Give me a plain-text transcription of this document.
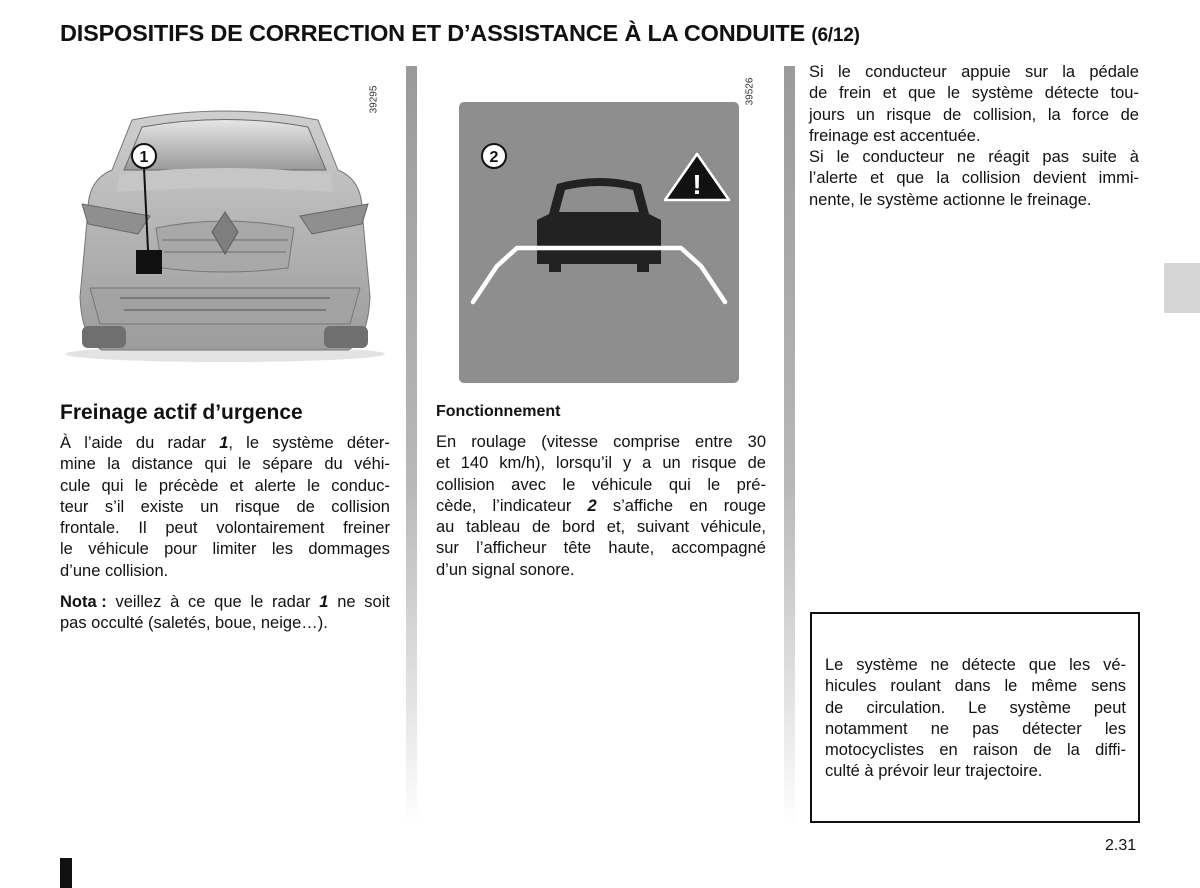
DISPOSITIFS DE CORRECTION ET D’ASSISTANCE À LA CONDUITE (6/12)
39295
1
39526
2
!
Freinage actif d’urgence
À l’aide du radar 1, le système déter-
mine la distance qui le sépare du véhi-
cule qui le précède et alerte le conduc-
teur s’il existe un risque de collision
frontale. Il peut volontairement freiner
le véhicule pour limiter les dommages
d’une collision.
Nota : veillez à ce que le radar 1 ne soit
pas occulté (saletés, boue, neige…).
Fonctionnement
En roulage (vitesse comprise entre 30
et 140 km/h), lorsqu’il y a un risque de
collision avec le véhicule qui le pré-
cède, l’indicateur 2 s’affiche en rouge
au tableau de bord et, suivant véhicule,
sur l’afficheur tête haute, accompagné
d’un signal sonore.
Si le conducteur appuie sur la pédale
de frein et que le système détecte tou-
jours un risque de collision, la force de
freinage est accentuée.
Si le conducteur ne réagit pas suite à
l’alerte et que la collision devient immi-
nente, le système actionne le freinage.
Le système ne détecte que les vé-
hicules roulant dans le même sens
de circulation. Le système peut
notamment ne pas détecter les
motocyclistes en raison de la diffi-
culté à prévoir leur trajectoire.
2.31
